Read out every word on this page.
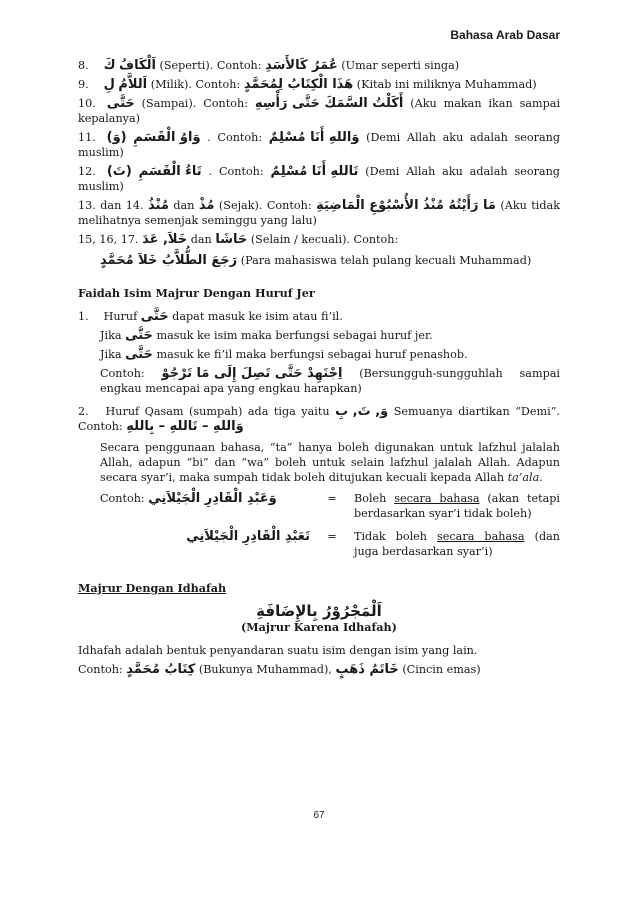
Bahasa Arab Dasar
8. كَ اَلْكَافُ (Seperti). Contoh: عُمَرُ كَالأَسَدِ (Umar seperti singa)
9. لِ اَللاَّمُ (Milik). Contoh: هَذَا الْكِتَابُ لِمُحَمَّدٍ (Kitab ini miliknya Muhammad)
10. حَتَّى (Sampai). Contoh: أَكَلْتُ السَّمَكَ حَتَّى رَأْسِهِ (Aku makan ikan sampai kepalanya)
11. (وَ) وَاوُ الْقَسَمِ . Contoh: وَاللهِ أَنَا مُسْلِمٌ (Demi Allah aku adalah seorang muslim)
12. (تَ) تَاءُ الْقَسَمِ . Contoh: تَاللهِ أَنَا مُسْلِمٌ (Demi Allah aku adalah seorang muslim)
13. dan 14. مُنْذُ dan مُذْ (Sejak). Contoh: مَا رَأَيْتُهُ مُنْذُ الأُسْبُوْعِ الْمَاضِيَةِ (Aku tidak melihatnya semenjak seminggu yang lalu)
15, 16, 17. خَلاَ, عَدَ dan حَاشَا (Selain / kecuali). Contoh:
رَجَعَ الطُّلاَّبُ خَلاَ مُحَمَّدٍ (Para mahasiswa telah pulang kecuali Muhammad)
Faidah Isim Majrur Dengan Huruf Jer
1. Huruf حَتَّى dapat masuk ke isim atau fi’il.
Jika حَتَّى masuk ke isim maka berfungsi sebagai huruf jer.
Jika حَتَّى masuk ke fi’il maka berfungsi sebagai huruf penashob.
Contoh: اِجْتَهِدْ حَتَّى تَصِلَ إِلَى مَا تَرْجُوْ (Bersungguh-sungguhlah sampai engkau mencapai apa yang engkau harapkan)
2. Huruf Qasam (sumpah) ada tiga yaitu وَ, تَ, بِ Semuanya diartikan “Demi”. Contoh: وَاللهِ – تَاللهِ – بِاللهِ
Secara penggunaan bahasa, “ta” hanya boleh digunakan untuk lafzhul jalalah Allah, adapun “bi” dan “wa” boleh untuk selain lafzhul jalalah Allah. Adapun secara syar’i, maka sumpah tidak boleh ditujukan kecuali kepada Allah ta’ala.
Contoh: وَعَبْدِ الْقَادِرِ الْجَيْلاَنِي	=	Boleh secara bahasa (akan tetapi berdasarkan syar’i tidak boleh)
تَعَبْدِ الْقَادِرِ الْجَيْلاَنِي	=	Tidak boleh secara bahasa (dan juga berdasarkan syar’i)
Majrur Dengan Idhafah
اَلْمَجْرُوْرُ بِالإِضَافَةِ
(Majrur Karena Idhafah)
Idhafah adalah bentuk penyandaran suatu isim dengan isim yang lain.
Contoh: كِتَابُ مُحَمَّدٍ (Bukunya Muhammad), خَاتَمُ ذَهَبٍ (Cincin emas)
67
